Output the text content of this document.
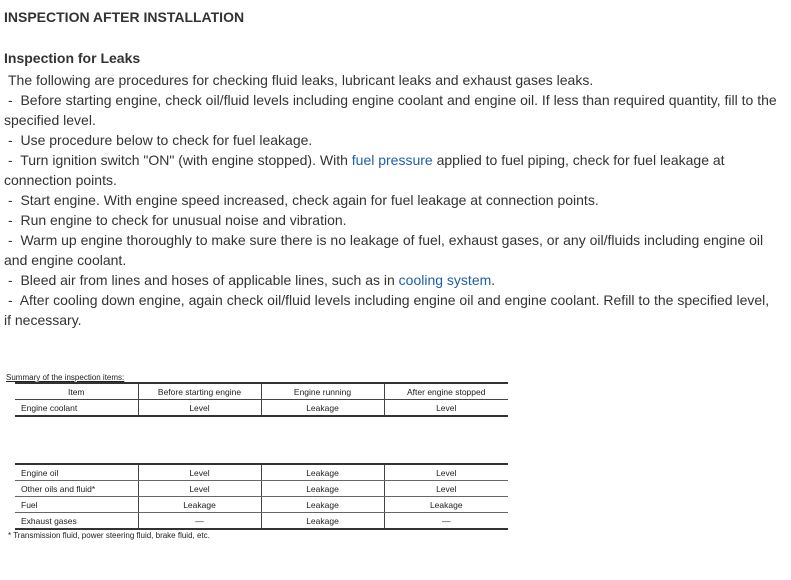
INSPECTION AFTER INSTALLATION
Inspection for Leaks

The following are procedures for checking fluid leaks, lubricant leaks and exhaust gases leaks.

- Before starting engine, check oil/fluid levels including engine coolant and engine oil. If less than required quantity, fill to the specified level.

- Use procedure below to check for fuel leakage.

- Turn ignition switch "ON" (with engine stopped). With fuel pressure applied to fuel piping, check for fuel leakage at connection points.

- Start engine. With engine speed increased, check again for fuel leakage at connection points.

- Run engine to check for unusual noise and vibration.

- Warm up engine thoroughly to make sure there is no leakage of fuel, exhaust gases, or any oil/fluids including engine oil and engine coolant.

- Bleed air from lines and hoses of applicable lines, such as in cooling system.

- After cooling down engine, again check oil/fluid levels including engine oil and engine coolant. Refill to the specified level, if necessary.

Summary of the inspection items:
Item	Before starting engine	Engine running	After engine stopped
Engine coolant	Level	Leakage	Level
Engine oil	Level	Leakage	Level
Other oils and fluid*	Level	Leakage	Level
Fuel	Leakage	Leakage	Leakage
Exhaust gases	—	Leakage	—
* Transmission fluid, power steering fluid, brake fluid, etc.
